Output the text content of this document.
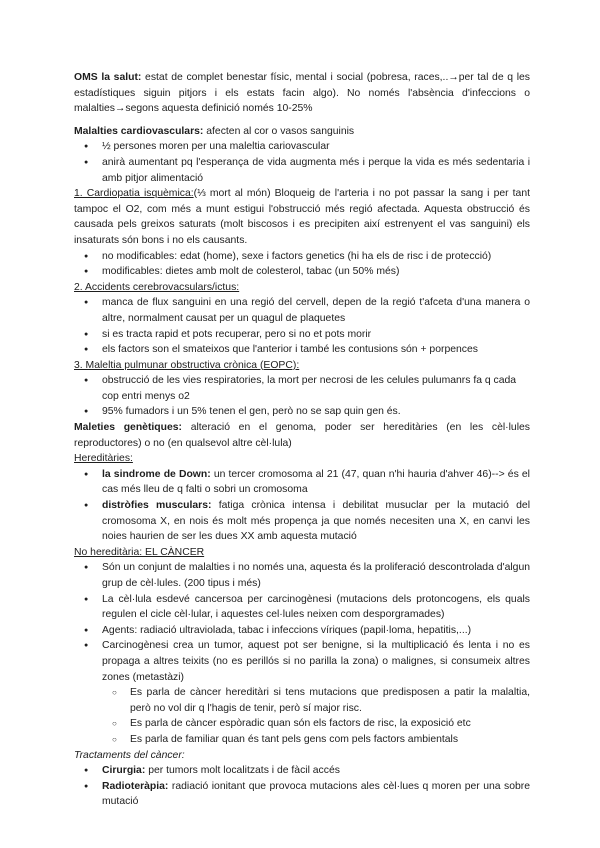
OMS la salut: estat de complet benestar físic, mental i social (pobresa, races,..→per tal de q les estadístiques siguin pitjors i els estats facin algo). No només l'absència d'infeccions o malalties→segons aquesta definició només 10-25%

Malalties cardiovasculars: afecten al cor o vasos sanguinis

● ½ persones moren per una maleltia cariovascular
● anirà aumentant pq l'esperança de vida augmenta més i perque la vida es més sedentaria i amb pitjor alimentació

1. Cardiopatia isquèmica:(⅓ mort al món) Bloqueig de l'arteria i no pot passar la sang i per tant tampoc el O2, com més a munt estigui l'obstrucció més regió afectada. Aquesta obstrucció és causada pels greixos saturats (molt biscosos i es precipiten així estrenyent el vas sanguini) els insaturats són bons i no els causants.

● no modificables: edat (home), sexe i factors genetics (hi ha els de risc i de protecció)
● modificables: dietes amb molt de colesterol, tabac (un 50% més)

2. Accidents cerebrovacsulars/ictus:

● manca de flux sanguini en una regió del cervell, depen de la regió t'afceta d'una manera o altre, normalment causat per un quagul de plaquetes
● si es tracta rapid et pots recuperar, pero si no et pots morir
● els factors son el smateixos que l'anterior i també les contusions són + porpences

3. Maleltia pulmunar obstructiva crònica (EOPC):

● obstrucció de les vies respiratories, la mort per necrosi de les celules pulumanrs fa q cada cop entri menys o2
● 95% fumadors i un 5% tenen el gen, però no se sap quin gen és.

Maleties genètiques: alteració en el genoma, poder ser hereditàries (en les cèl·lules reproductores) o no (en qualsevol altre cèl·lula)

Hereditàries:

● la sindrome de Down: un tercer cromosoma al 21 (47, quan n'hi hauria d'ahver 46)--> és el cas més lleu de q falti o sobri un cromosoma
● distròfies musculars: fatiga crònica intensa i debilitat musuclar per la mutació del cromosoma X, en nois és molt més propença ja que només necesiten una X, en canvi les noies haurien de ser les dues XX amb aquesta mutació

No hereditària: EL CÀNCER

● Són un conjunt de malalties i no només una, aquesta és la proliferació descontrolada d'algun grup de cèl·lules. (200 tipus i més)
● La cèl·lula esdevé cancersoa per carcinogènesi (mutacions dels protoncogens, els quals regulen el cicle cèl·lular, i aquestes cel·lules neixen com desporgramades)
● Agents: radiació ultraviolada, tabac i infeccions víriques (papil·loma, hepatitis,...)
● Carcinogènesi crea un tumor, aquest pot ser benigne, si la multiplicació és lenta i no es propaga a altres teixits (no es perillós si no parilla la zona) o malignes, si consumeix altres zones (metastàzi)
○ Es parla de càncer hereditàri si tens mutacions que predisposen a patir la malaltia, però no vol dir q l'hagis de tenir, però sí major risc.
○ Es parla de càncer espòradic quan són els factors de risc, la exposició etc
○ Es parla de familiar quan és tant pels gens com pels factors ambientals

Tractaments del càncer:

● Cirurgia: per tumors molt localitzats i de fàcil accés
● Radioteràpia: radiació ionitant que provoca mutacions ales cèl·lues q moren per una sobre mutació
